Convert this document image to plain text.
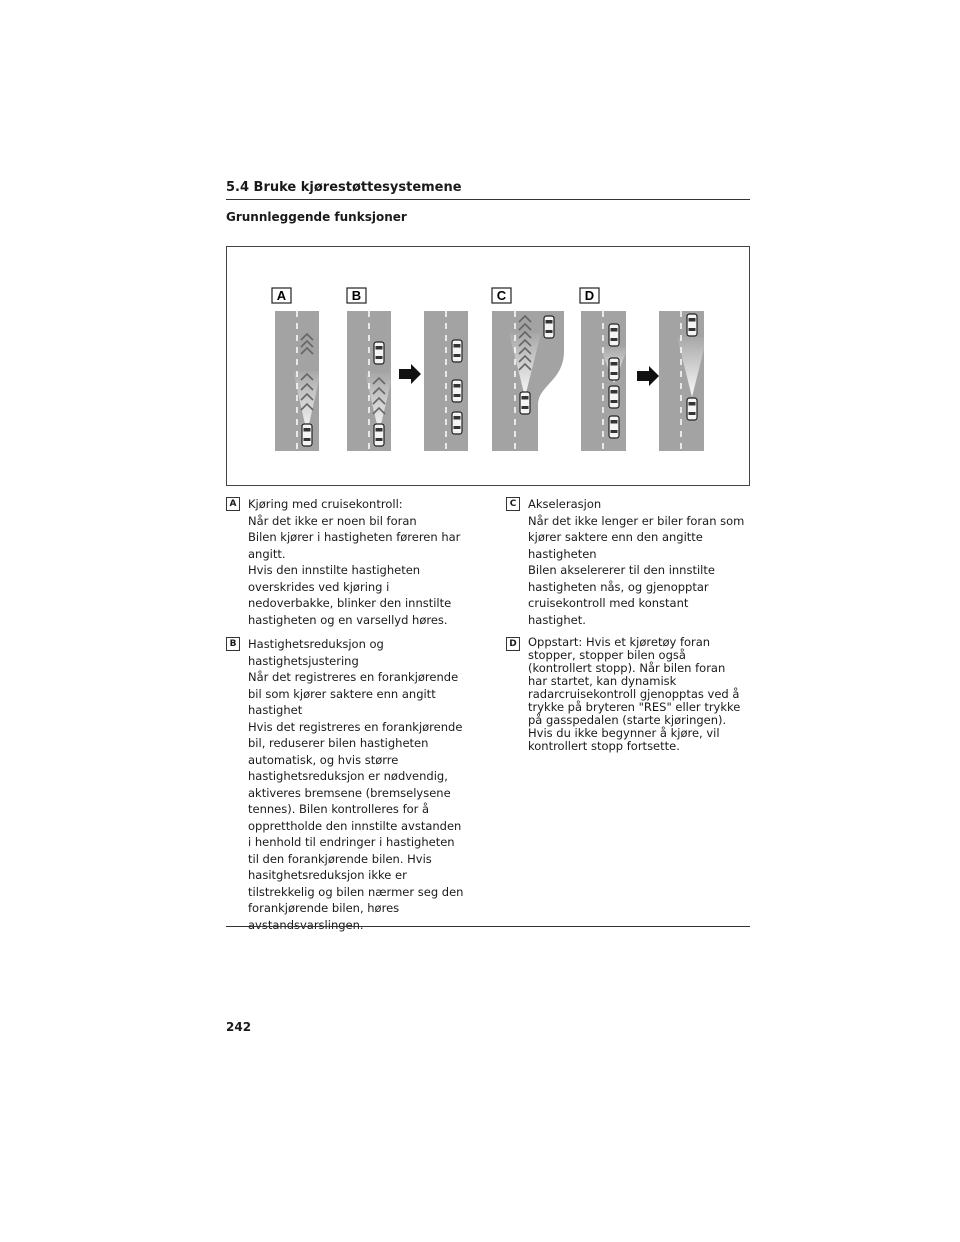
5.4 Bruke kjørestøttesystemene
Grunnleggende funksjoner
A	B	C	D
A	Kjøring med cruisekontroll:
Når det ikke er noen bil foran
Bilen kjører i hastigheten føreren har
angitt.
Hvis den innstilte hastigheten
overskrides ved kjøring i
nedoverbakke, blinker den innstilte
hastigheten og en varsellyd høres.
B	Hastighetsreduksjon og
hastighetsjustering
Når det registreres en forankjørende
bil som kjører saktere enn angitt
hastighet
Hvis det registreres en forankjørende
bil, reduserer bilen hastigheten
automatisk, og hvis større
hastighetsreduksjon er nødvendig,
aktiveres bremsene (bremselysene
tennes). Bilen kontrolleres for å
opprettholde den innstilte avstanden
i henhold til endringer i hastigheten
til den forankjørende bilen. Hvis
hasitghetsreduksjon ikke er
tilstrekkelig og bilen nærmer seg den
forankjørende bilen, høres
avstandsvarslingen.
C	Akselerasjon
Når det ikke lenger er biler foran som
kjører saktere enn den angitte
hastigheten
Bilen akselererer til den innstilte
hastigheten nås, og gjenopptar
cruisekontroll med konstant
hastighet.
D Oppstart: Hvis et kjøretøy foran
stopper, stopper bilen også
(kontrollert stopp). Når bilen foran
har startet, kan dynamisk
radarcruisekontroll gjenopptas ved å
trykke på bryteren "RES" eller trykke
på gasspedalen (starte kjøringen).
Hvis du ikke begynner å kjøre, vil
kontrollert stopp fortsette.
242
